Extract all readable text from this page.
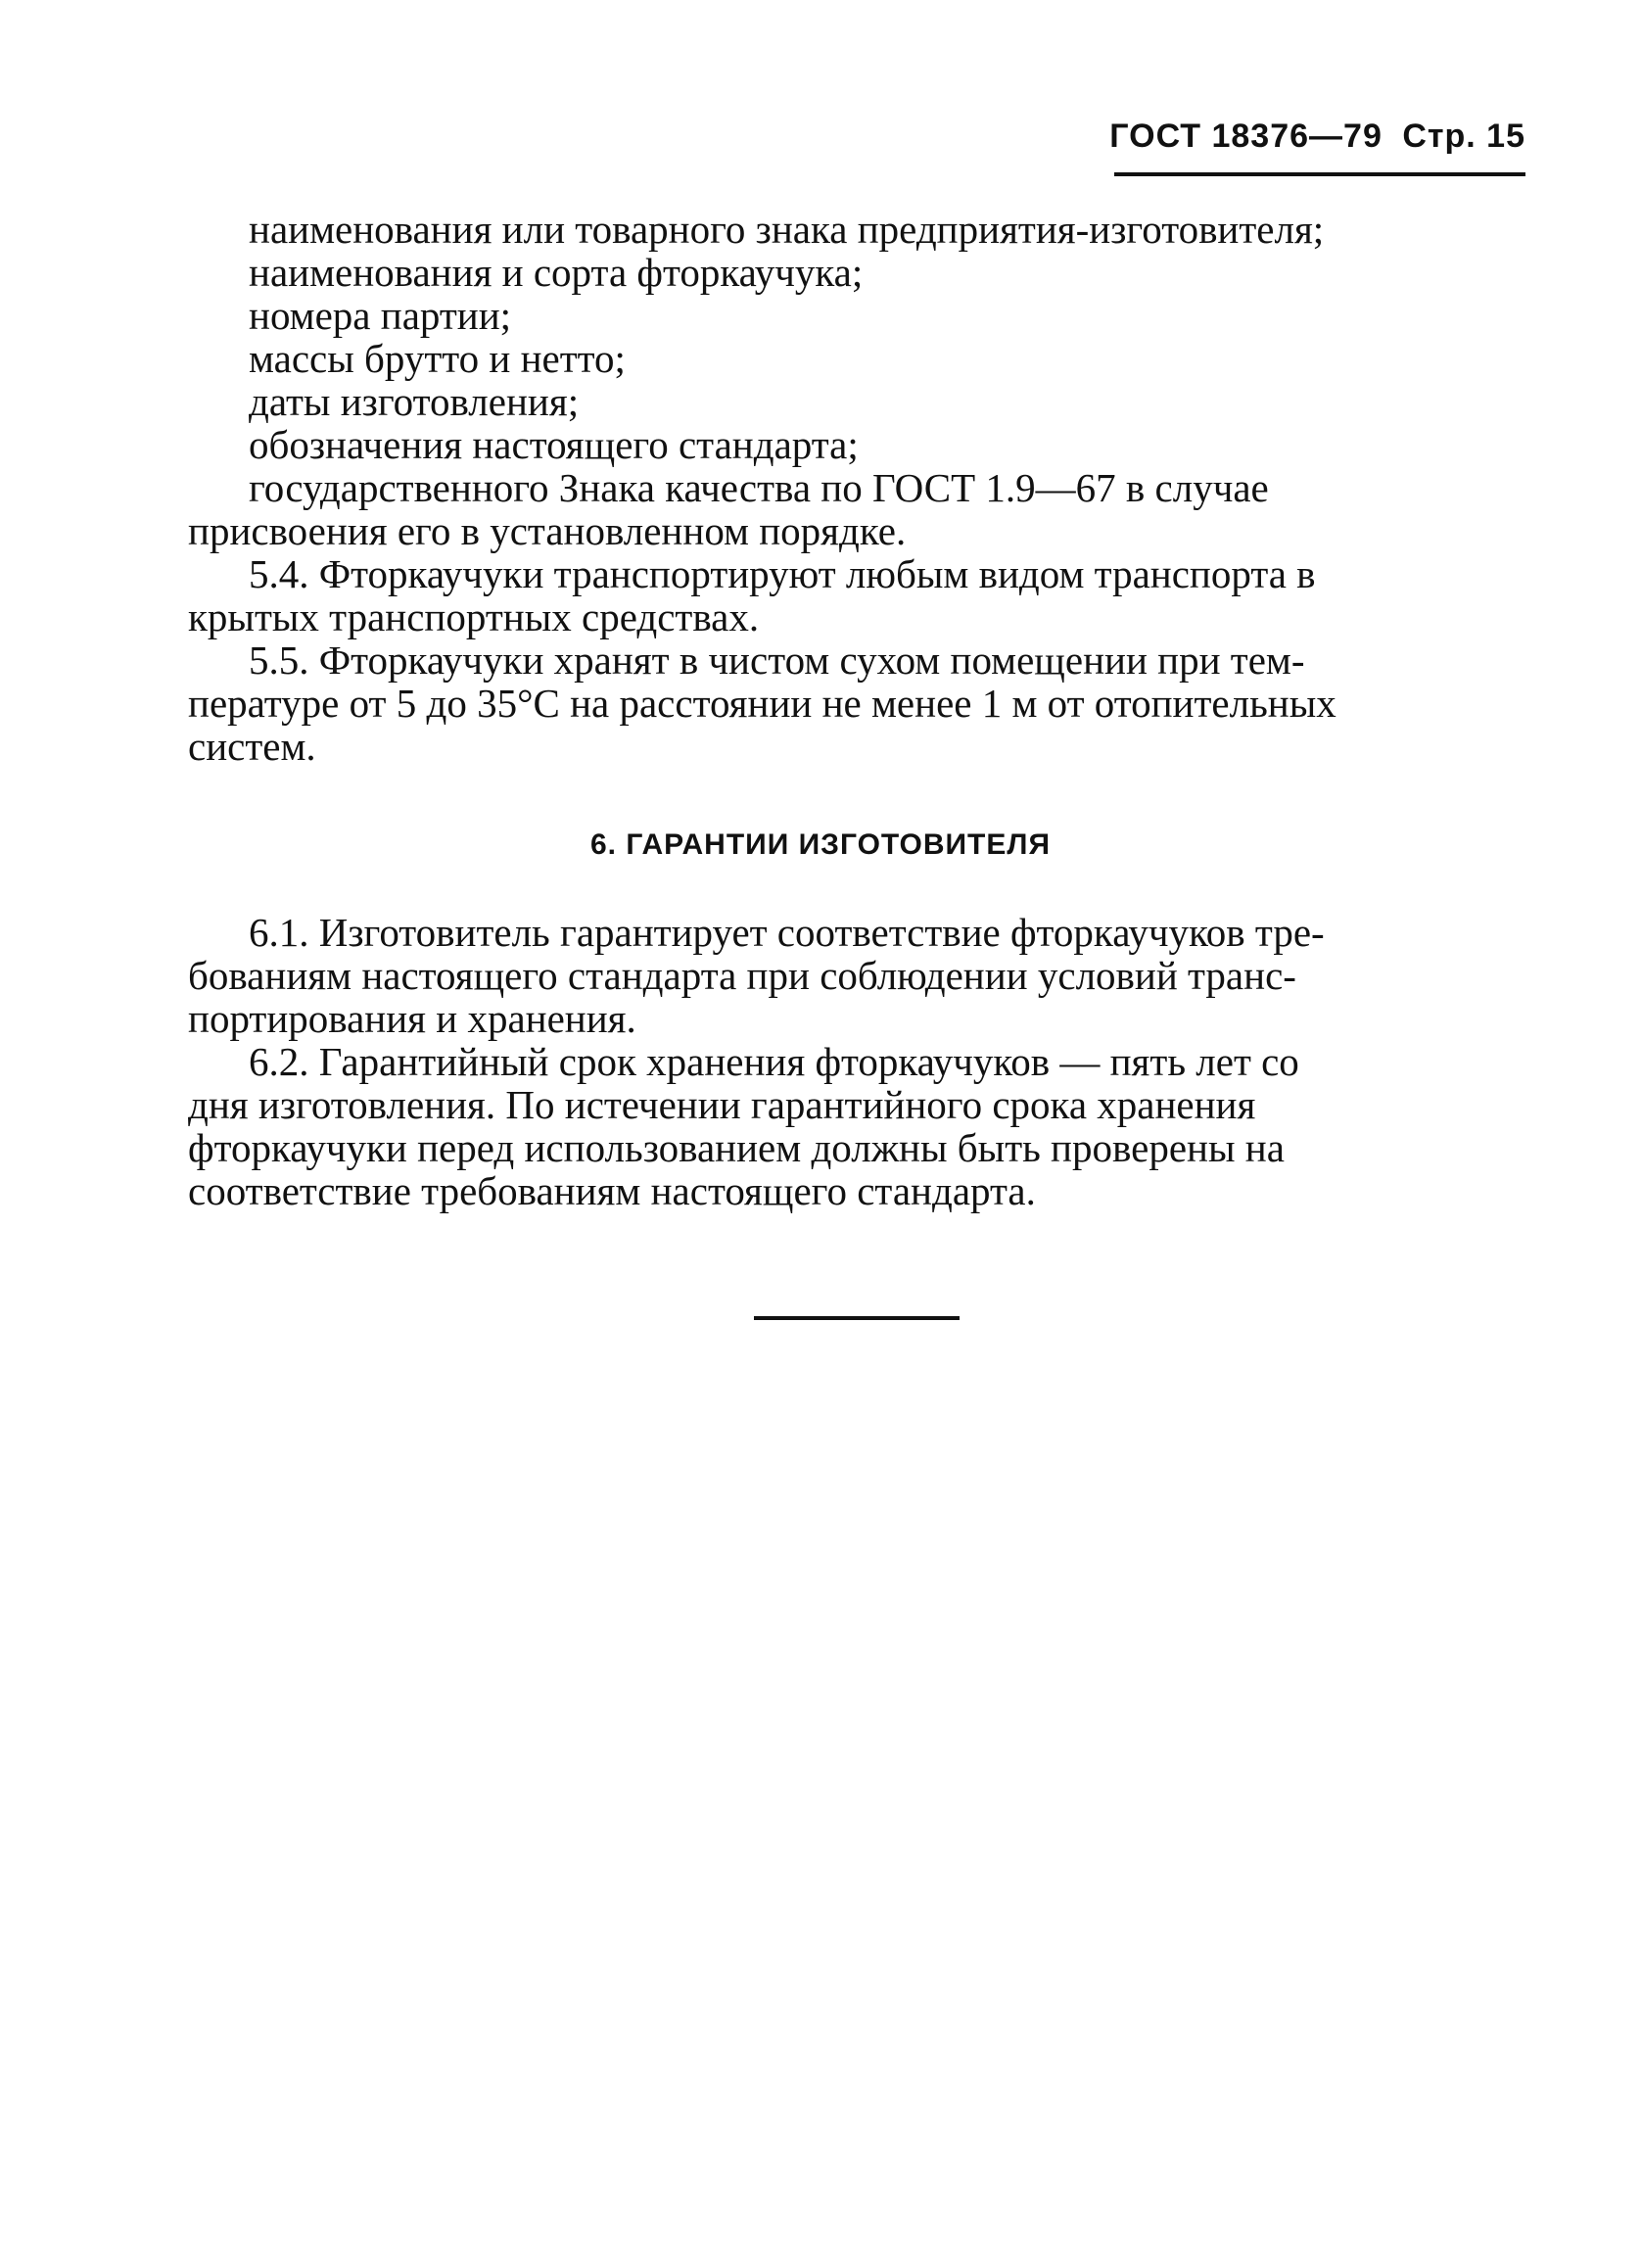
ГОСТ 18376—79 Стр. 15
наименования или товарного знака предприятия-изготовителя;
наименования и сорта фторкаучука;
номера партии;
массы брутто и нетто;
даты изготовления;
обозначения настоящего стандарта;
государственного Знака качества по ГОСТ 1.9—67 в случае
присвоения его в установленном порядке.
5.4. Фторкаучуки транспортируют любым видом транспорта в
крытых транспортных средствах.
5.5. Фторкаучуки хранят в чистом сухом помещении при тем-
пературе от 5 до 35°С на расстоянии не менее 1 м от отопительных
систем.
6. ГАРАНТИИ ИЗГОТОВИТЕЛЯ
6.1. Изготовитель гарантирует соответствие фторкаучуков тре-
бованиям настоящего стандарта при соблюдении условий транс-
портирования и хранения.
6.2. Гарантийный срок хранения фторкаучуков — пять лет со
дня изготовления. По истечении гарантийного срока хранения
фторкаучуки перед использованием должны быть проверены на
соответствие требованиям настоящего стандарта.
